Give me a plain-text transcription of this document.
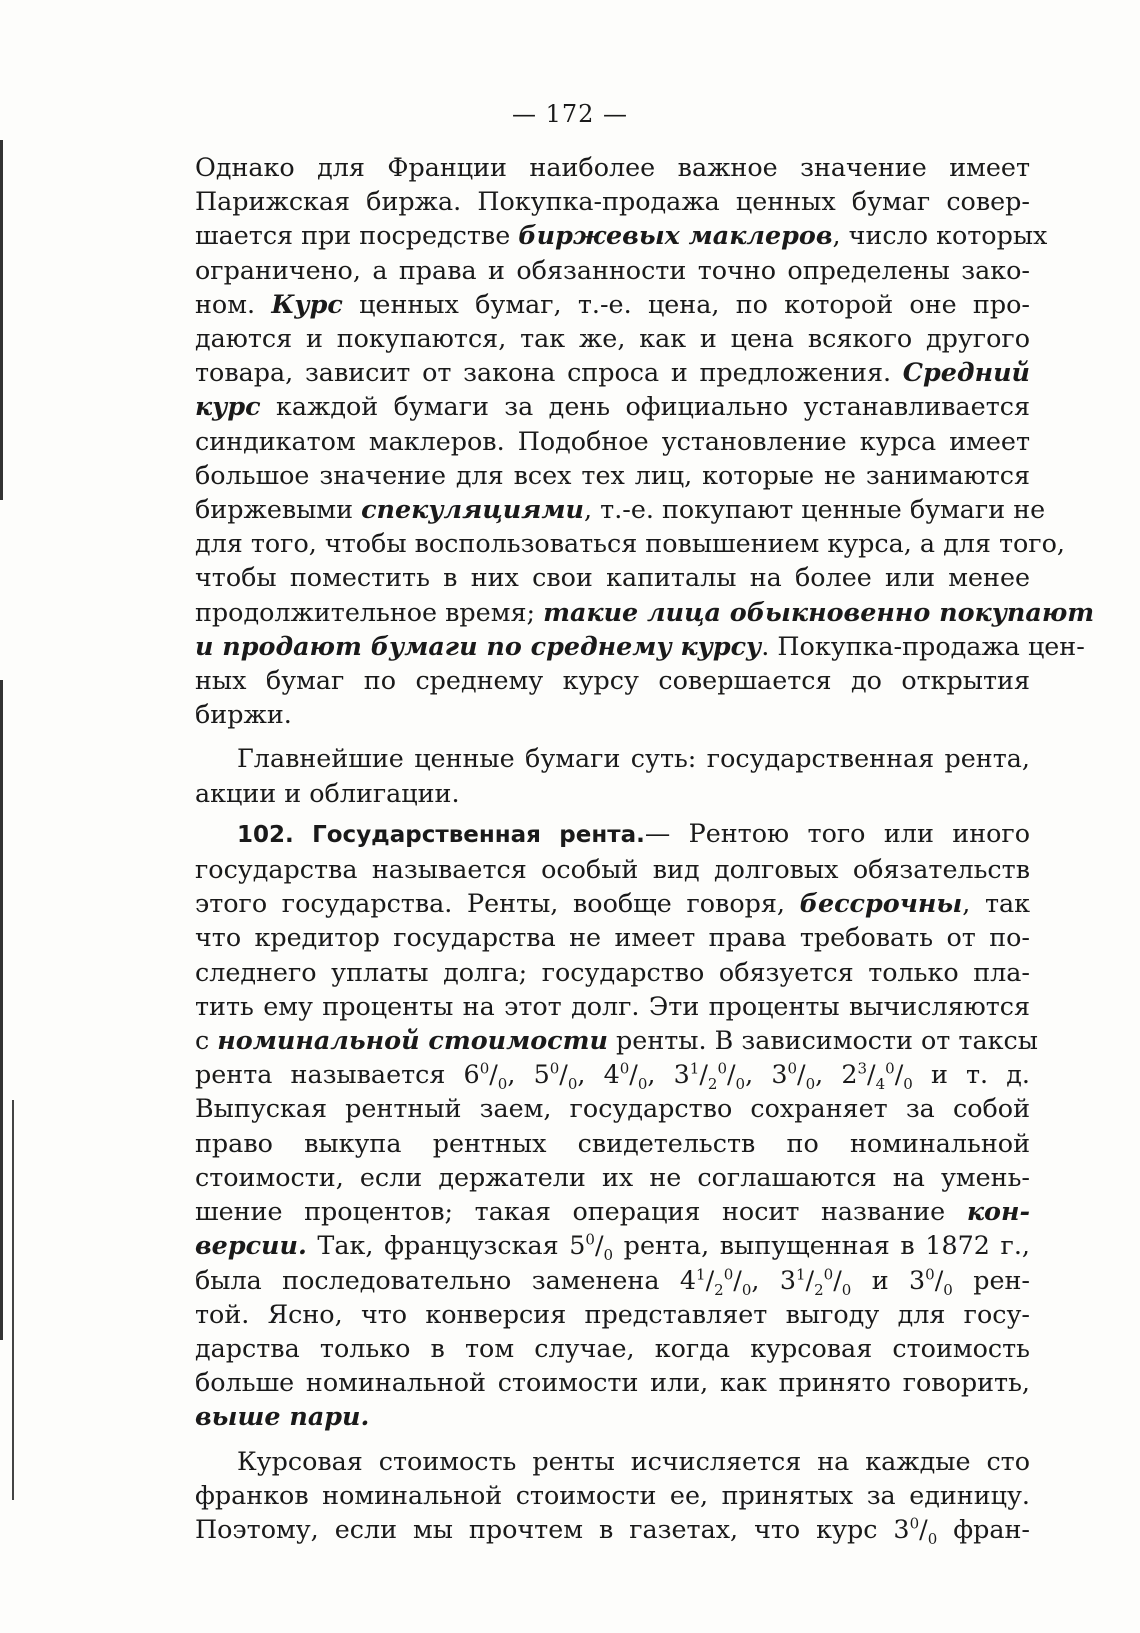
— 172 —
Однако для Франции наиболее важное значение имеет
Парижская биржа. Покупка-продажа ценных бумаг совер-
шается при посредстве биржевых маклеров, число которых
ограничено, а права и обязанности точно определены зако-
ном. Курс ценных бумаг, т.-е. цена, по которой оне про-
даются и покупаются, так же, как и цена всякого другого
товара, зависит от закона спроса и предложения. Средний
курс каждой бумаги за день официально устанавливается
синдикатом маклеров. Подобное установление курса имеет
большое значение для всех тех лиц, которые не занимаются
биржевыми спекуляциями, т.-е. покупают ценные бумаги не
для того, чтобы воспользоваться повышением курса, а для того,
чтобы поместить в них свои капиталы на более или менее
продолжительное время; такие лица обыкновенно покупают
и продают бумаги по среднему курсу. Покупка-продажа цен-
ных бумаг по среднему курсу совершается до открытия
биржи.
Главнейшие ценные бумаги суть: государственная рента,
акции и облигации.
102. Государственная рента.— Рентою того или иного
государства называется особый вид долговых обязательств
этого государства. Ренты, вообще говоря, бессрочны, так
что кредитор государства не имеет права требовать от по-
следнего уплаты долга; государство обязуется только пла-
тить ему проценты на этот долг. Эти проценты вычисляются
с номинальной стоимости ренты. В зависимости от таксы
рента называется $6^0/_0$, $5^0/_0$, $4^0/_0$, $3^1/_2^0/_0$, $3^0/_0$, $2^3/_4^0/_0$ и т. д.
Выпуская рентный заем, государство сохраняет за собой
право выкупа рентных свидетельств по номинальной
стоимости, если держатели их не соглашаются на умень-
шение процентов; такая операция носит название кон-
версии. Так, французская $5^0/_0$ рента, выпущенная в 1872 г.,
была последовательно заменена $4^1/_2^0/_0$, $3^1/_2^0/_0$ и $3^0/_0$ рен-
той. Ясно, что конверсия представляет выгоду для госу-
дарства только в том случае, когда курсовая стоимость
больше номинальной стоимости или, как принято говорить,
выше пари.
Курсовая стоимость ренты исчисляется на каждые сто
франков номинальной стоимости ее, принятых за единицу.
Поэтому, если мы прочтем в газетах, что курс $3^0/_0$ фран-
